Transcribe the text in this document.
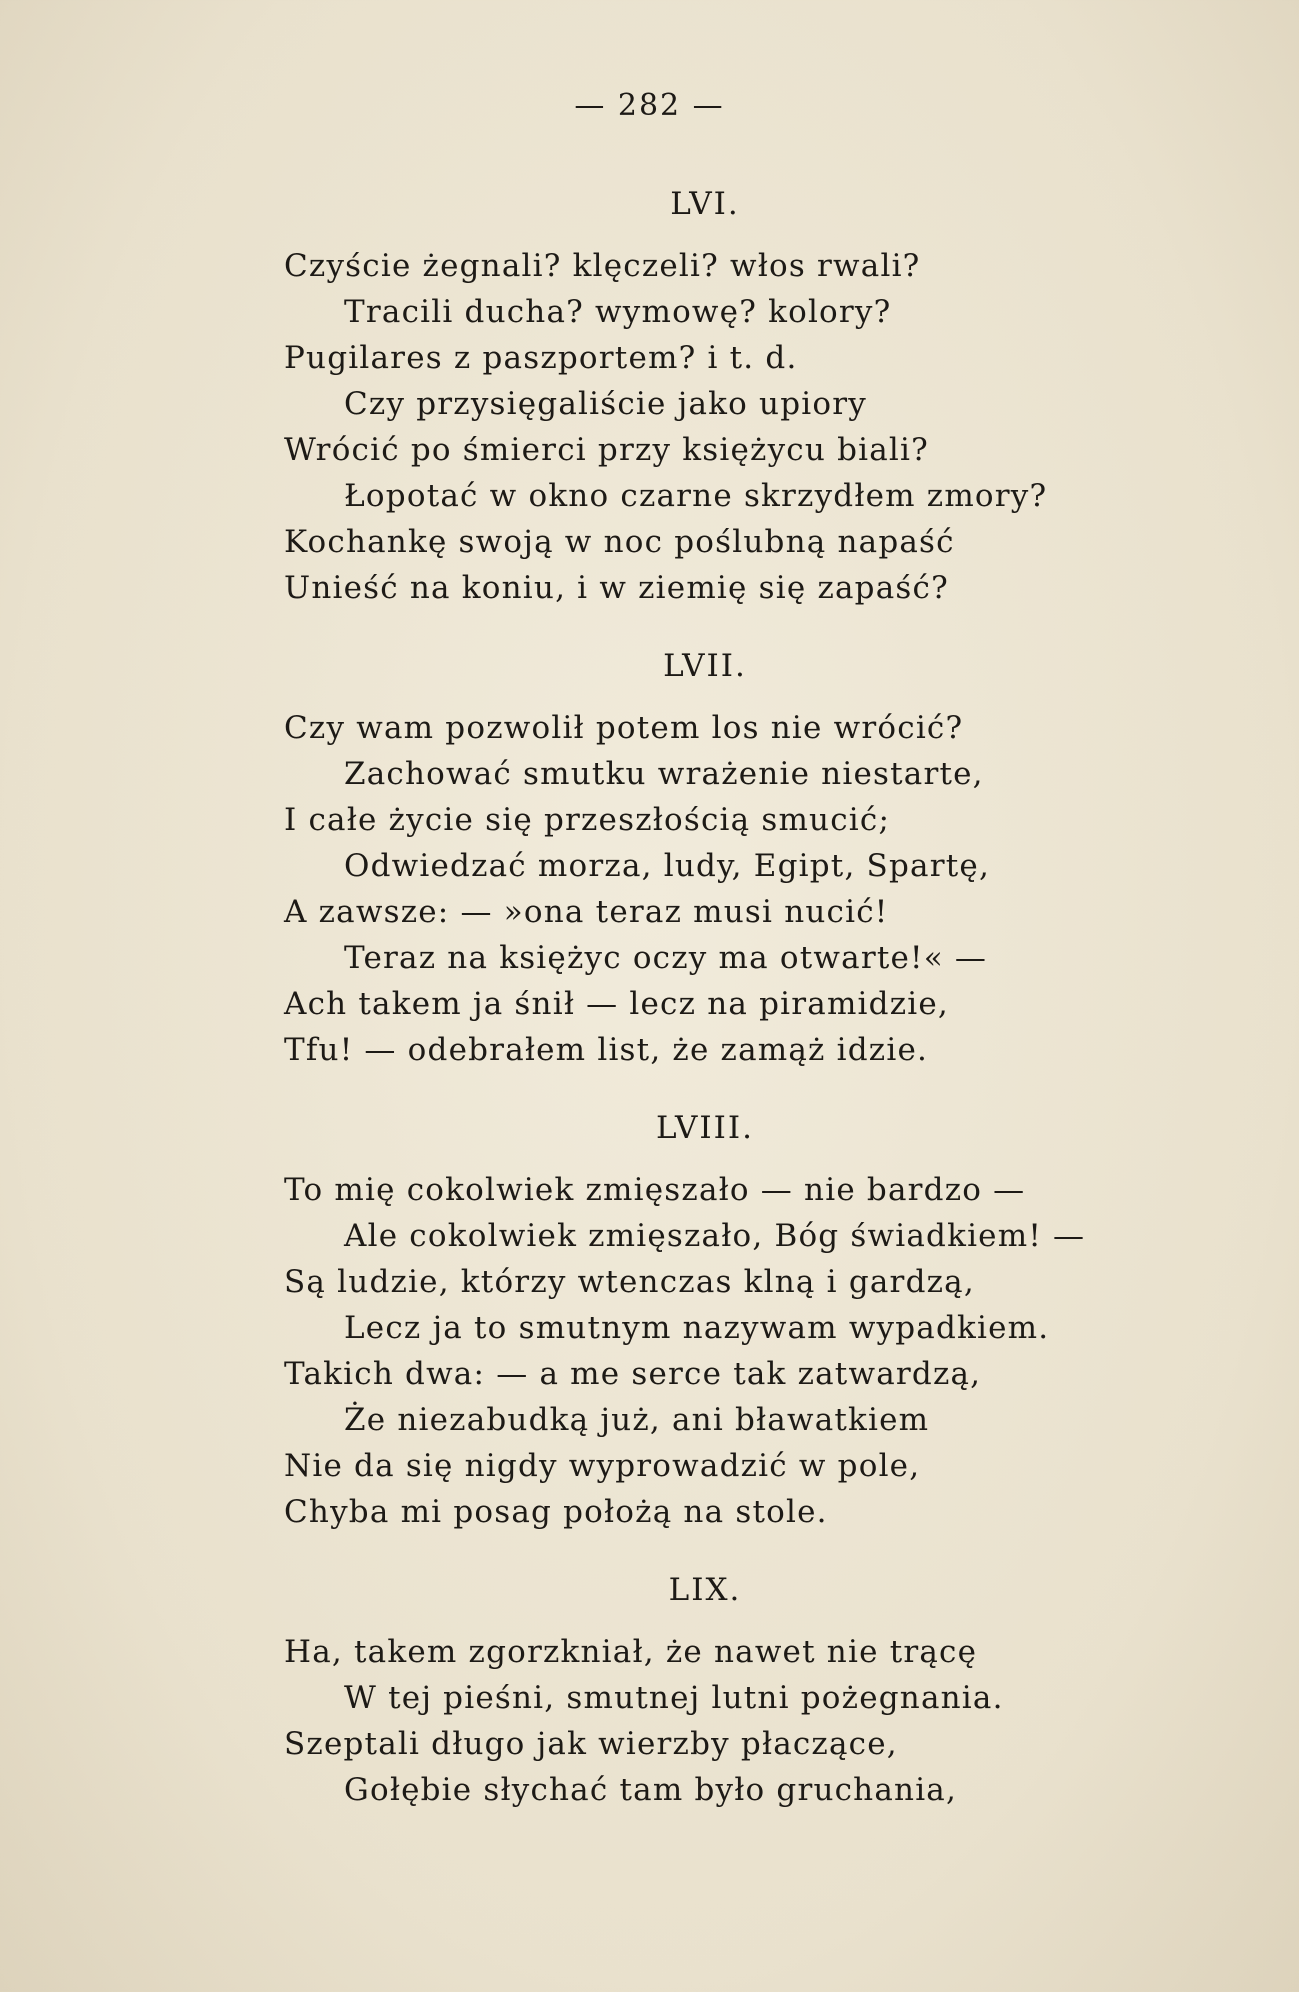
— 282 —
LVI.
Czyście żegnali? klęczeli? włos rwali?
Tracili ducha? wymowę? kolory?
Pugilares z paszportem? i t. d.
Czy przysięgaliście jako upiory
Wrócić po śmierci przy księżycu biali?
Łopotać w okno czarne skrzydłem zmory?
Kochankę swoją w noc poślubną napaść
Unieść na koniu, i w ziemię się zapaść?
LVII.
Czy wam pozwolił potem los nie wrócić?
Zachować smutku wrażenie niestarte,
I całe życie się przeszłością smucić;
Odwiedzać morza, ludy, Egipt, Spartę,
A zawsze: — »ona teraz musi nucić!
Teraz na księżyc oczy ma otwarte!« —
Ach takem ja śnił — lecz na piramidzie,
Tfu! — odebrałem list, że zamąż idzie.
LVIII.
To mię cokolwiek zmięszało — nie bardzo —
Ale cokolwiek zmięszało, Bóg świadkiem! —
Są ludzie, którzy wtenczas klną i gardzą,
Lecz ja to smutnym nazywam wypadkiem.
Takich dwa: — a me serce tak zatwardzą,
Że niezabudką już, ani bławatkiem
Nie da się nigdy wyprowadzić w pole,
Chyba mi posag położą na stole.
LIX.
Ha, takem zgorzkniał, że nawet nie trącę
W tej pieśni, smutnej lutni pożegnania.
Szeptali długo jak wierzby płaczące,
Gołębie słychać tam było gruchania,
